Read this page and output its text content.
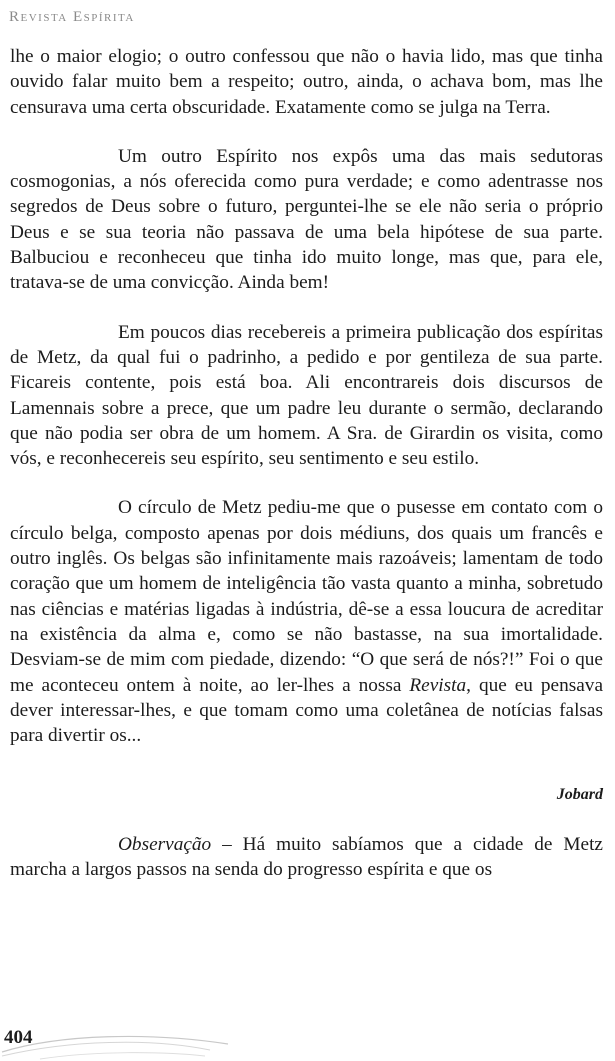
Revista Espírita

lhe o maior elogio; o outro confessou que não o havia lido, mas que tinha ouvido falar muito bem a respeito; outro, ainda, o achava bom, mas lhe censurava uma certa obscuridade. Exatamente como se julga na Terra.

Um outro Espírito nos expôs uma das mais sedutoras cosmogonias, a nós oferecida como pura verdade; e como adentrasse nos segredos de Deus sobre o futuro, perguntei-lhe se ele não seria o próprio Deus e se sua teoria não passava de uma bela hipótese de sua parte. Balbuciou e reconheceu que tinha ido muito longe, mas que, para ele, tratava-se de uma convicção. Ainda bem!

Em poucos dias recebereis a primeira publicação dos espíritas de Metz, da qual fui o padrinho, a pedido e por gentileza de sua parte. Ficareis contente, pois está boa. Ali encontrareis dois discursos de Lamennais sobre a prece, que um padre leu durante o sermão, declarando que não podia ser obra de um homem. A Sra. de Girardin os visita, como vós, e reconhecereis seu espírito, seu sentimento e seu estilo.

O círculo de Metz pediu-me que o pusesse em contato com o círculo belga, composto apenas por dois médiuns, dos quais um francês e outro inglês. Os belgas são infinitamente mais razoáveis; lamentam de todo coração que um homem de inteligência tão vasta quanto a minha, sobretudo nas ciências e matérias ligadas à indústria, dê-se a essa loucura de acreditar na existência da alma e, como se não bastasse, na sua imortalidade. Desviam-se de mim com piedade, dizendo: “O que será de nós?!” Foi o que me aconteceu ontem à noite, ao ler-lhes a nossa Revista, que eu pensava dever interessar-lhes, e que tomam como uma coletânea de notícias falsas para divertir os...

Jobard

Observação – Há muito sabíamos que a cidade de Metz marcha a largos passos na senda do progresso espírita e que os

404
